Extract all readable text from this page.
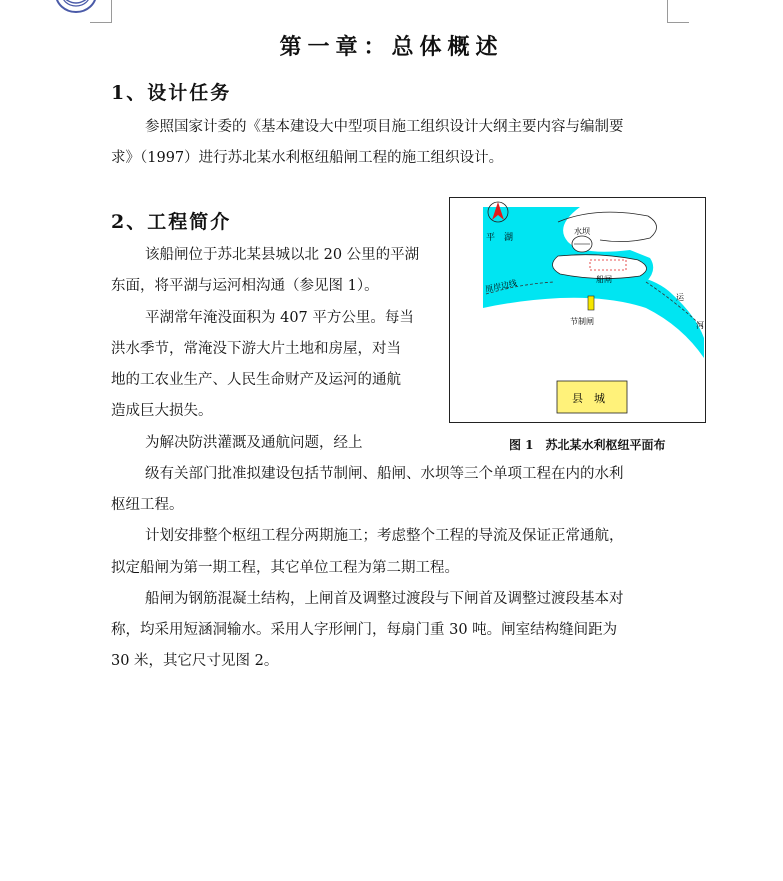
第一章：总体概述
1、设计任务
参照国家计委的《基本建设大中型项目施工组织设计大纲主要内容与编制要
求》（1997）进行苏北某水利枢纽船闸工程的施工组织设计。
2、工程简介
该船闸位于苏北某县城以北 20 公里的平湖
东面，将平湖与运河相沟通（参见图 1）。
平湖常年淹没面积为 407 平方公里。每当
洪水季节，常淹没下游大片土地和房屋，对当
地的工农业生产、人民生命财产及运河的通航
造成巨大损失。
为解决防洪灌溉及通航问题，经上
级有关部门批准拟建设包括节制闸、船闸、水坝等三个单项工程在内的水利
枢纽工程。
计划安排整个枢纽工程分两期施工；考虑整个工程的导流及保证正常通航，
拟定船闸为第一期工程，其它单位工程为第二期工程。
船闸为钢筋混凝土结构，上闸首及调整过渡段与下闸首及调整过渡段基本对
称，均采用短涵洞输水。采用人字形闸门，每扇门重 30 吨。闸室结构缝间距为
30 米，其它尺寸见图 2。
平　湖
水坝
船闸
原岸边线
节制闸
运
河
县　城
图 1　苏北某水利枢纽平面布
